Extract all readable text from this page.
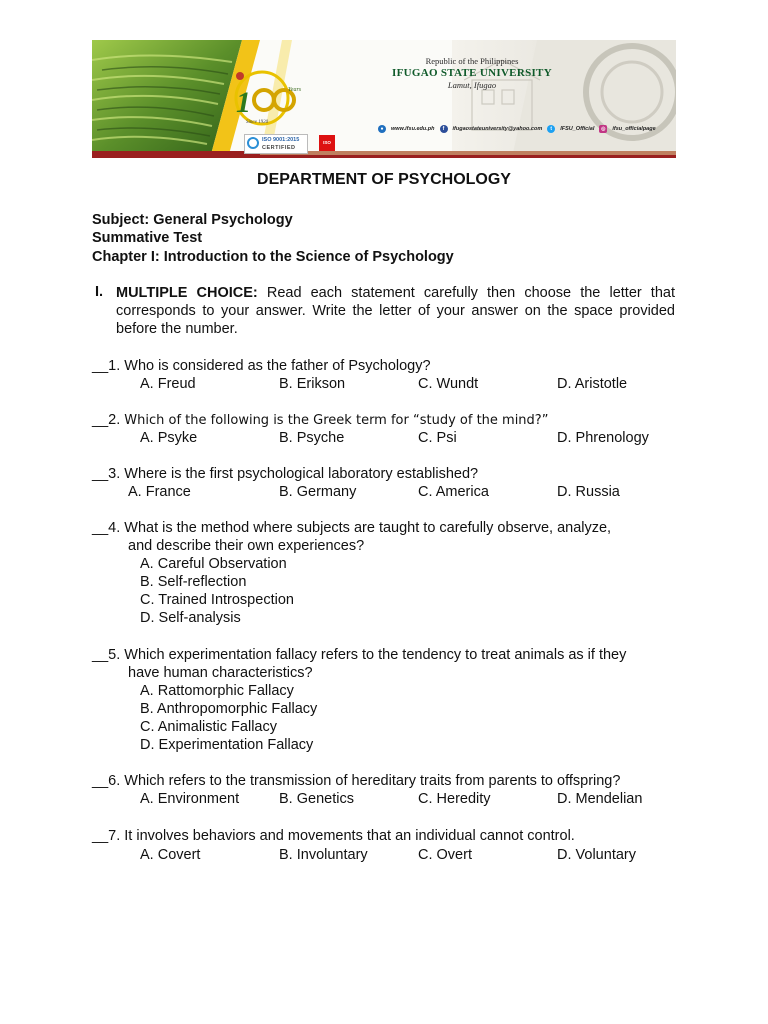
1	Years
Since 1920
Republic of the Philippines
IFUGAO STATE UNIVERSITY
Lamut, Ifugao
ISO 9001:2015
CERTIFIED
ISO
●	www.ifsu.edu.ph	f	ifugaostateuniversity@yahoo.com	t	IFSU_Official	◎	ifsu_officialpage
DEPARTMENT OF PSYCHOLOGY
Subject: General Psychology
Summative Test
Chapter I: Introduction to the Science of Psychology
I. MULTIPLE CHOICE: Read each statement carefully then choose the letter that corresponds to your answer. Write the letter of your answer on the space provided before the number.
__1. Who is considered as the father of Psychology?
A. Freud	B. Erikson	C. Wundt	D. Aristotle
__2. Which of the following is the Greek term for “study of the mind?”
A. Psyke	B. Psyche	C. Psi	D. Phrenology
__3. Where is the first psychological laboratory established?
A. France	B. Germany	C. America	D. Russia
__4. What is the method where subjects are taught to carefully observe, analyze,
and describe their own experiences?
A. Careful Observation
B. Self-reflection
C. Trained Introspection
D. Self-analysis
__5. Which experimentation fallacy refers to the tendency to treat animals as if they
have human characteristics?
A. Rattomorphic Fallacy
B. Anthropomorphic Fallacy
C. Animalistic Fallacy
D. Experimentation Fallacy
__6. Which refers to the transmission of hereditary traits from parents to offspring?
A. Environment	B. Genetics	C. Heredity	D. Mendelian
__7. It involves behaviors and movements that an individual cannot control.
A. Covert	B. Involuntary	C. Overt	D. Voluntary
